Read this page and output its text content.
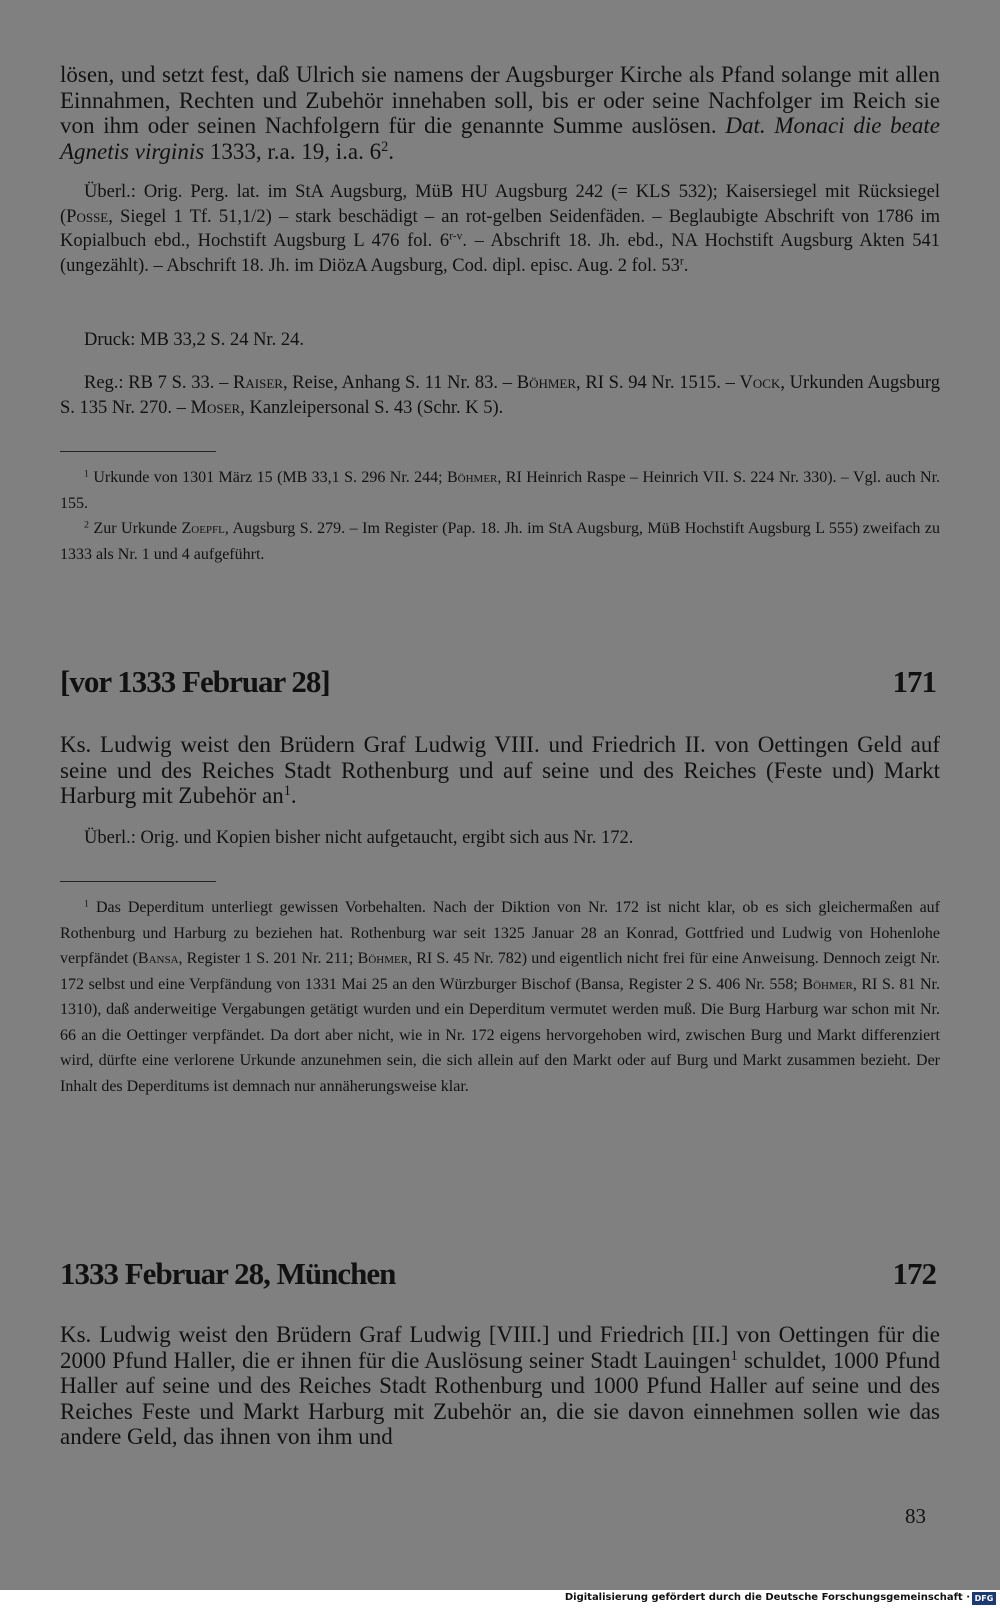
lösen, und setzt fest, daß Ulrich sie namens der Augsburger Kirche als Pfand solange mit allen Einnahmen, Rechten und Zubehör innehaben soll, bis er oder seine Nachfolger im Reich sie von ihm oder seinen Nachfolgern für die genannte Summe auslösen. Dat. Monaci die beate Agnetis virginis 1333, r.a. 19, i.a. $6^2$.
Überl.: Orig. Perg. lat. im StA Augsburg, MüB HU Augsburg 242 (= KLS 532); Kaisersiegel mit Rücksiegel (Posse, Siegel 1 Tf. 51,1/2) – stark beschädigt – an rot-gelben Seidenfäden. – Beglaubigte Abschrift von 1786 im Kopialbuch ebd., Hochstift Augsburg L 476 fol. 6$^{r-v}$. – Abschrift 18. Jh. ebd., NA Hochstift Augsburg Akten 541 (ungezählt). – Abschrift 18. Jh. im DiözA Augsburg, Cod. dipl. episc. Aug. 2 fol. 53$^r$.
Druck: MB 33,2 S. 24 Nr. 24.
Reg.: RB 7 S. 33. – Raiser, Reise, Anhang S. 11 Nr. 83. – Böhmer, RI S. 94 Nr. 1515. – Vock, Urkunden Augsburg S. 135 Nr. 270. – Moser, Kanzleipersonal S. 43 (Schr. K 5).
$^1$ Urkunde von 1301 März 15 (MB 33,1 S. 296 Nr. 244; Böhmer, RI Heinrich Raspe – Heinrich VII. S. 224 Nr. 330). – Vgl. auch Nr. 155.
$^2$ Zur Urkunde Zoepfl, Augsburg S. 279. – Im Register (Pap. 18. Jh. im StA Augsburg, MüB Hochstift Augsburg L 555) zweifach zu 1333 als Nr. 1 und 4 aufgeführt.
[vor 1333 Februar 28]	171
Ks. Ludwig weist den Brüdern Graf Ludwig VIII. und Friedrich II. von Oettingen Geld auf seine und des Reiches Stadt Rothenburg und auf seine und des Reiches (Feste und) Markt Harburg mit Zubehör $an^1$.
Überl.: Orig. und Kopien bisher nicht aufgetaucht, ergibt sich aus Nr. 172.
$^1$ Das Deperditum unterliegt gewissen Vorbehalten. Nach der Diktion von Nr. 172 ist nicht klar, ob es sich gleichermaßen auf Rothenburg und Harburg zu beziehen hat. Rothenburg war seit 1325 Januar 28 an Konrad, Gottfried und Ludwig von Hohenlohe verpfändet (Bansa, Register 1 S. 201 Nr. 211; Böhmer, RI S. 45 Nr. 782) und eigentlich nicht frei für eine Anweisung. Dennoch zeigt Nr. 172 selbst und eine Verpfändung von 1331 Mai 25 an den Würzburger Bischof (Bansa, Register 2 S. 406 Nr. 558; Böhmer, RI S. 81 Nr. 1310), daß anderweitige Vergabungen getätigt wurden und ein Deperditum vermutet werden muß. Die Burg Harburg war schon mit Nr. 66 an die Oettinger verpfändet. Da dort aber nicht, wie in Nr. 172 eigens hervorgehoben wird, zwischen Burg und Markt differenziert wird, dürfte eine verlorene Urkunde anzunehmen sein, die sich allein auf den Markt oder auf Burg und Markt zusammen bezieht. Der Inhalt des Deperditums ist demnach nur annäherungsweise klar.
1333 Februar 28, München	172
Ks. Ludwig weist den Brüdern Graf Ludwig [VIII.] und Friedrich [II.] von Oettingen für die 2000 Pfund Haller, die er ihnen für die Auslösung seiner Stadt Lauingen$^1$ schuldet, 1000 Pfund Haller auf seine und des Reiches Stadt Rothenburg und 1000 Pfund Haller auf seine und des Reiches Feste und Markt Harburg mit Zubehör an, die sie davon einnehmen sollen wie das andere Geld, das ihnen von ihm und
83
Digitalisierung gefördert durch die Deutsche Forschungsgemeinschaft · DFG
